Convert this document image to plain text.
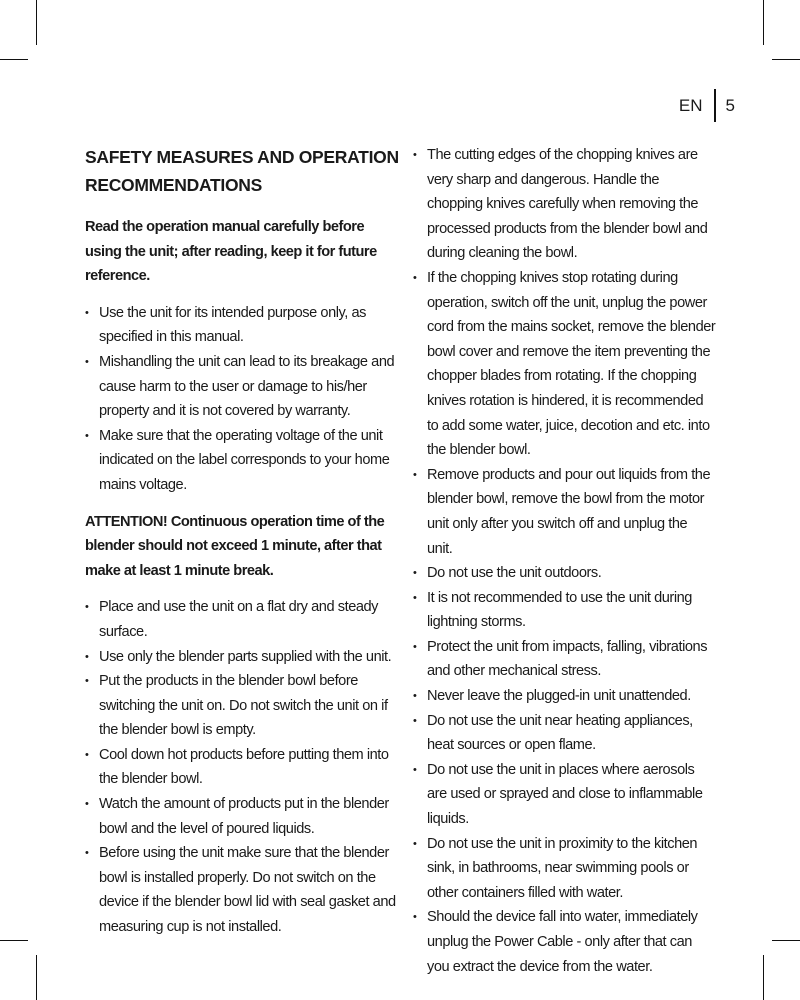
EN 5
SAFETY MEASURES AND OPERATION RECOMMENDATIONS

Read the operation manual carefully before using the unit; after reading, keep it for future reference.

• Use the unit for its intended purpose only, as specified in this manual.
• Mishandling the unit can lead to its breakage and cause harm to the user or damage to his/her property and it is not covered by warranty.
• Make sure that the operating voltage of the unit indicated on the label corresponds to your home mains voltage.

ATTENTION! Continuous operation time of the blender should not exceed 1 minute, after that make at least 1 minute break.

• Place and use the unit on a flat dry and steady surface.
• Use only the blender parts supplied with the unit.
• Put the products in the blender bowl before switching the unit on. Do not switch the unit on if the blender bowl is empty.
• Cool down hot products before putting them into the blender bowl.
• Watch the amount of products put in the blender bowl and the level of poured liquids.
• Before using the unit make sure that the blender bowl is installed properly. Do not switch on the device if the blender bowl lid with seal gasket and measuring cup is not installed.
• The cutting edges of the chopping knives are very sharp and dangerous. Handle the chopping knives carefully when removing the processed products from the blender bowl and during cleaning the bowl.
• If the chopping knives stop rotating during operation, switch off the unit, unplug the power cord from the mains socket, remove the blender bowl cover and remove the item preventing the chopper blades from rotating. If the chopping knives rotation is hindered, it is recommended to add some water, juice, decotion and etc. into the blender bowl.
• Remove products and pour out liquids from the blender bowl, remove the bowl from the motor unit only after you switch off and unplug the unit.
• Do not use the unit outdoors.
• It is not recommended to use the unit during lightning storms.
• Protect the unit from impacts, falling, vibrations and other mechanical stress.
• Never leave the plugged-in unit unattended.
• Do not use the unit near heating appliances, heat sources or open flame.
• Do not use the unit in places where aerosols are used or sprayed and close to inflammable liquids.
• Do not use the unit in proximity to the kitchen sink, in bathrooms, near swimming pools or other containers filled with water.
• Should the device fall into water, immediately unplug the Power Cable - only after that can you extract the device from the water.
